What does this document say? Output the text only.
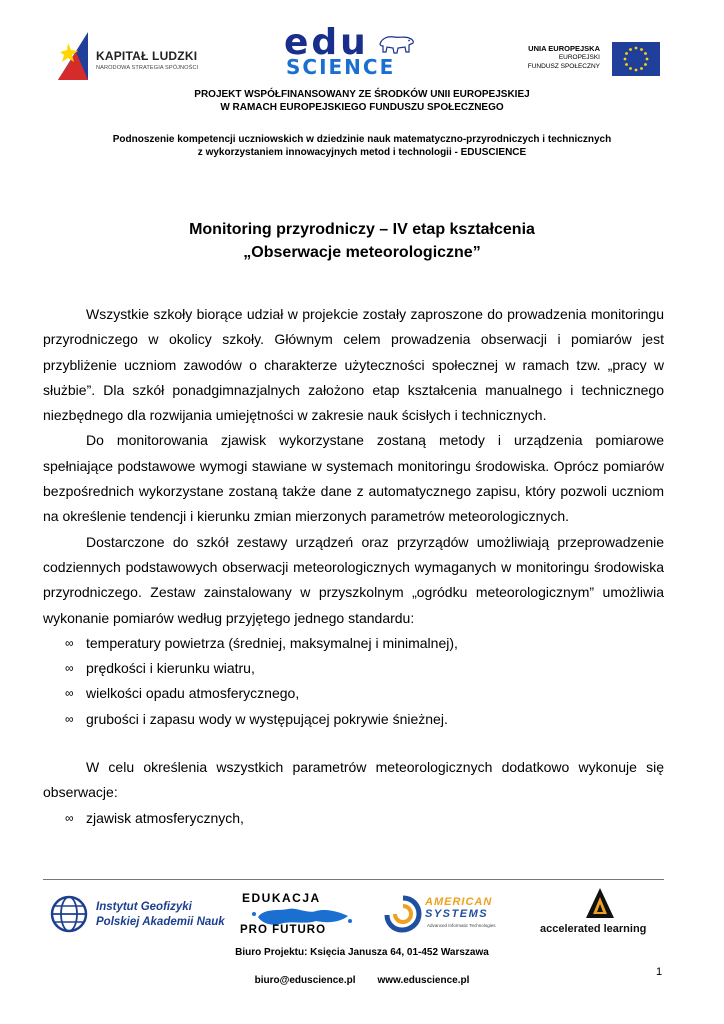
KAPITAŁ LUDZKI
NARODOWA STRATEGIA SPÓJNOŚCI
edu
SCIENCE
UNIA EUROPEJSKA
EUROPEJSKI
FUNDUSZ SPOŁECZNY
PROJEKT WSPÓŁFINANSOWANY ZE ŚRODKÓW UNII EUROPEJSKIEJ
W RAMACH EUROPEJSKIEGO FUNDUSZU SPOŁECZNEGO
Podnoszenie kompetencji uczniowskich w dziedzinie nauk matematyczno-przyrodniczych i technicznych
z wykorzystaniem innowacyjnych metod i technologii - EDUSCIENCE
Monitoring przyrodniczy – IV etap kształcenia
„Obserwacje meteorologiczne”

Wszystkie szkoły biorące udział w projekcie zostały zaproszone do prowadzenia monitoringu przyrodniczego w okolicy szkoły. Głównym celem prowadzenia obserwacji i pomiarów jest przybliżenie uczniom zawodów o charakterze użyteczności społecznej w ramach tzw. „pracy w służbie”. Dla szkół ponadgimnazjalnych założono etap kształcenia manualnego i technicznego niezbędnego dla rozwijania umiejętności w zakresie nauk ścisłych i technicznych.

Do monitorowania zjawisk wykorzystane zostaną metody i urządzenia pomiarowe spełniające podstawowe wymogi stawiane w systemach monitoringu środowiska. Oprócz pomiarów bezpośrednich wykorzystane zostaną także dane z automatycznego zapisu, który pozwoli uczniom na określenie tendencji i kierunku zmian mierzonych parametrów meteorologicznych.

Dostarczone do szkół zestawy urządzeń oraz przyrządów umożliwiają przeprowadzenie codziennych podstawowych obserwacji meteorologicznych wymaganych w monitoringu środowiska przyrodniczego. Zestaw zainstalowany w przyszkolnym „ogródku meteorologicznym” umożliwia wykonanie pomiarów według przyjętego jednego standardu:

∞ temperatury powietrza (średniej, maksymalnej i minimalnej),
∞ prędkości i kierunku wiatru,
∞ wielkości opadu atmosferycznego,
∞ grubości i zapasu wody w występującej pokrywie śnieżnej.

W celu określenia wszystkich parametrów meteorologicznych dodatkowo wykonuje się obserwacje:

∞ zjawisk atmosferycznych,
Instytut Geofizyki
Polskiej Akademii Nauk
EDUKACJA
PRO FUTURO
AMERICAN
SYSTEMS
Advanced Informatic Technologies	accelerated learning
Biuro Projektu: Księcia Janusza 64, 01-452 Warszawa
biuro@eduscience.pl www.eduscience.pl
1
